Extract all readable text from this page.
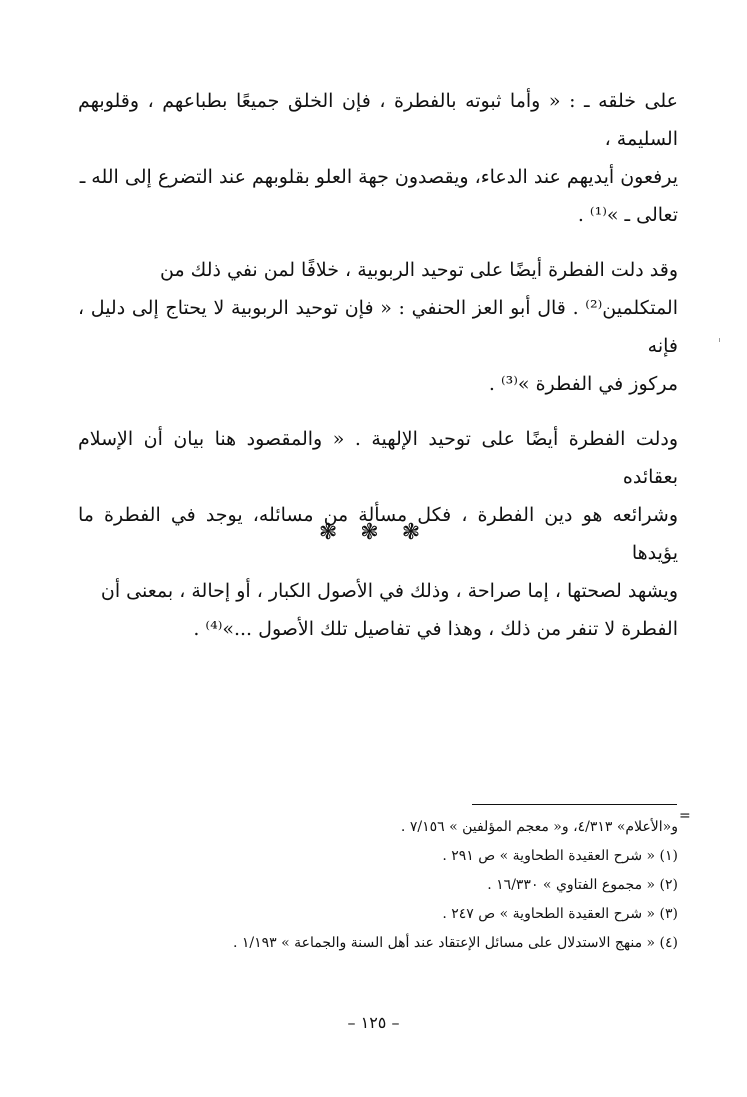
على خلقه ـ : « وأما ثبوته بالفطرة ، فإن الخلق جميعًا بطباعهم ، وقلوبهم السليمة ،

يرفعون أيديهم عند الدعاء، ويقصدون جهة العلو بقلوبهم عند التضرع إلى الله ـ

تعالى ـ »⁽¹⁾ .

وقد دلت الفطرة أيضًا على توحيد الربوبية ، خلافًا لمن نفي ذلك من

المتكلمين⁽²⁾ . قال أبو العز الحنفي : « فإن توحيد الربوبية لا يحتاج إلى دليل ، فإنه

مركوز في الفطرة »⁽³⁾ .

ودلت الفطرة أيضًا على توحيد الإلهية . « والمقصود هنا بيان أن الإسلام بعقائده

وشرائعه هو دين الفطرة ، فكل مسألة من مسائله، يوجد في الفطرة ما يؤيدها

ويشهد لصحتها ، إما صراحة ، وذلك في الأصول الكبار ، أو إحالة ، بمعنى أن

الفطرة لا تنفر من ذلك ، وهذا في تفاصيل تلك الأصول ...»⁽⁴⁾ .

❃ ❃ ❃
=

و«الأعلام» ٤/٣١٣، و« معجم المؤلفين » ٧/١٥٦ .

(١) « شرح العقيدة الطحاوية » ص ٢٩١ .

(٢) « مجموع الفتاوي » ١٦/٣٣٠ .

(٣) « شرح العقيدة الطحاوية » ص ٢٤٧ .

(٤) « منهج الاستدلال على مسائل الإعتقاد عند أهل السنة والجماعة » ١/١٩٣ .

– ١٢٥ –
